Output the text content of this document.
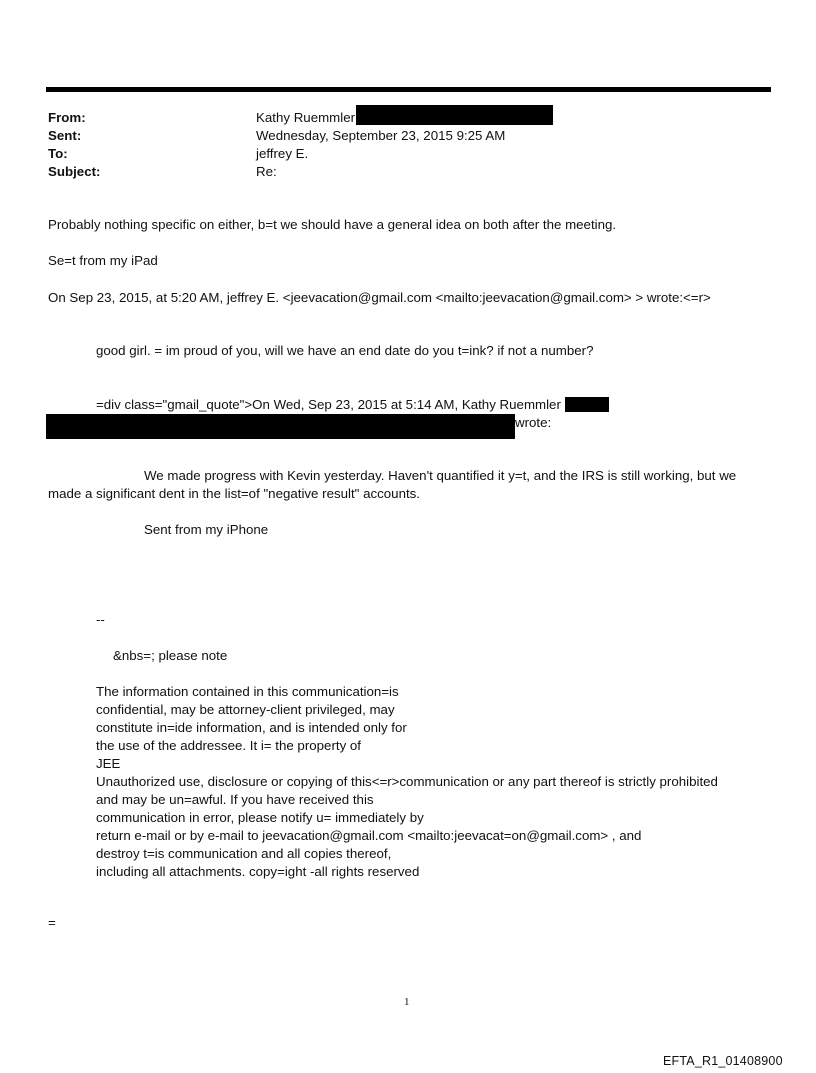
From:	Kathy Ruemmler
Sent:	Wednesday, September 23, 2015 9:25 AM
To:	jeffrey E.
Subject:	Re:
Probably nothing specific on either, b=t we should have a general idea on both after the meeting.
Se=t from my iPad
On Sep 23, 2015, at 5:20 AM, jeffrey E. <jeevacation@gmail.com <mailto:jeevacation@gmail.com> > wrote:<=r>
good girl. = im proud of you, will we have an end date do you t=ink? if not a number?
=div class="gmail_quote">On Wed, Sep 23, 2015 at 5:14 AM, Kathy Ruemmler
wrote:
We made progress with Kevin yesterday. Haven't quantified it y=t, and the IRS is still working, but we
made a significant dent in the list=of "negative result" accounts.
Sent from my iPhone
--
&nbs=; please note
The information contained in this communication=is
confidential, may be attorney-client privileged, may
constitute in=ide information, and is intended only for
the use of the addressee. It i= the property of
JEE
Unauthorized use, disclosure or copying of this<=r>communication or any part thereof is strictly prohibited
and may be un=awful. If you have received this
communication in error, please notify u= immediately by
return e-mail or by e-mail to jeevacation@gmail.com <mailto:jeevacat=on@gmail.com> , and
destroy t=is communication and all copies thereof,
including all attachments. copy=ight -all rights reserved
=
1
EFTA_R1_01408900
